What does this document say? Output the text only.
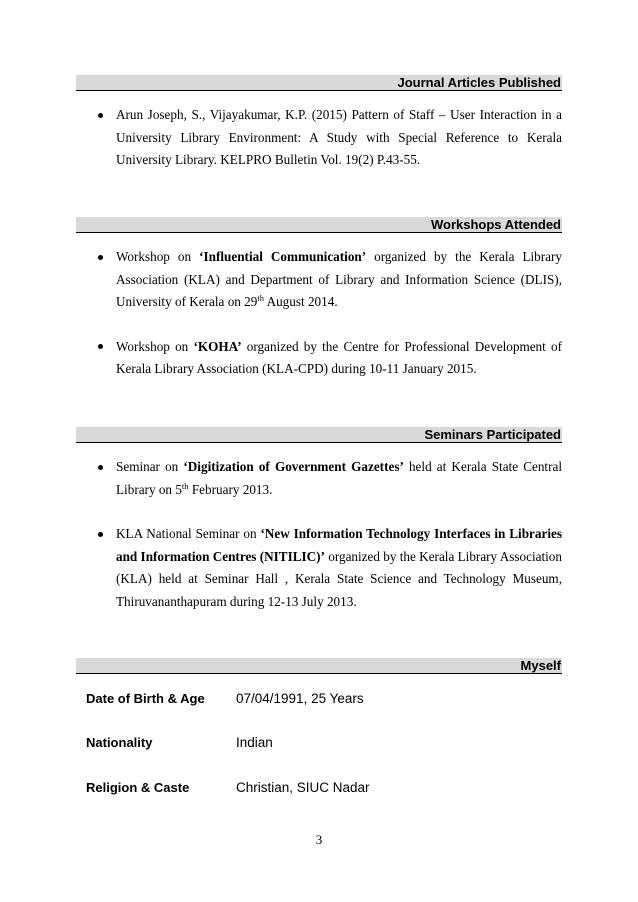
Journal Articles Published
Arun Joseph, S., Vijayakumar, K.P. (2015) Pattern of Staff – User Interaction in a University Library Environment: A Study with Special Reference to Kerala University Library. KELPRO Bulletin Vol. 19(2) P.43-55.
Workshops Attended
Workshop on ‘Influential Communication’ organized by the Kerala Library Association (KLA) and Department of Library and Information Science (DLIS), University of Kerala on 29th August 2014.
Workshop on ‘KOHA’ organized by the Centre for Professional Development of Kerala Library Association (KLA-CPD) during 10-11 January 2015.
Seminars Participated
Seminar on ‘Digitization of Government Gazettes’ held at Kerala State Central Library on 5th February 2013.
KLA National Seminar on ‘New Information Technology Interfaces in Libraries and Information Centres (NITILIC)’ organized by the Kerala Library Association (KLA) held at Seminar Hall , Kerala State Science and Technology Museum, Thiruvananthapuram during 12-13 July 2013.
Myself
Date of Birth & Age 07/04/1991, 25 Years
Nationality	Indian
Religion & Caste	Christian, SIUC Nadar
3
